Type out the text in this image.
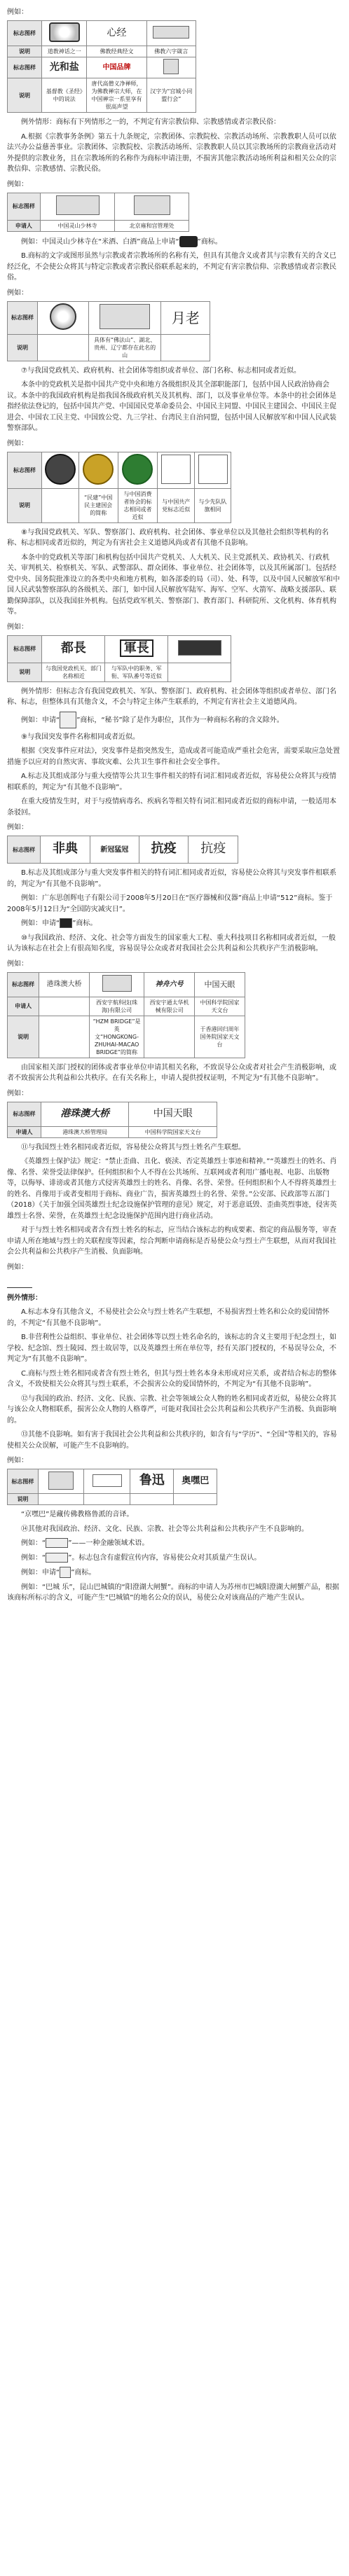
例如：
标志图样		心经	
说明	道教神话之一	佛教经典经文	佛教六字箴言
标志图样	光和盐	中国品牌	
说明	基督教《圣经》中的说法	唐代高僧义净禅师，为佛教禅宗大师，在中国禅宗一系里享有很高声望	汉字为“宫城小同盟行会”

例外情形：商标有下列情形之一的，不判定有害宗教信仰、宗教感情或者宗教民俗：

A.根据《宗教事务条例》第五十九条规定，宗教团体、宗教院校、宗教活动场所、宗教教职人员可以依法兴办公益慈善事业。宗教团体、宗教院校、宗教活动场所、宗教教职人员以其宗教场所的宗教商业活动对外提供的宗教业务，且在宗教场所的名称作为商标申请注册，不损害其他宗教活动场所利益和相关公众的宗教信仰、宗教感情、宗教民俗。

例如：
标志图样		
申请人	中国灵山少林寺	北京雍和宫管理处

例如：中国灵山少林寺在“米酒、白酒”商品上申请“	”商标。

B.商标的文字或图形虽然与宗教或者宗教场所的名称有关，但具有其他含义或者其与宗教有关的含义已经泛化，不会使公众将其与特定宗教或者宗教民俗联系起来的，不判定有害宗教信仰、宗教感情或者宗教民俗。

例如：
标志图样			月老
说明		具体有“佛法山”、湖北、贵州、辽宁都存在此名的山	

⑦与我国党政机关、政府机构、社会团体等组织或者单位、部门名称、标志相同或者近似。

本条中的党政机关是指中国共产党中央和地方各级组织及其全部职能部门，包括中国人民政治协商会议。本条中的我国政府机构是指我国各级政府机关及其机构、部门，以及事业单位等。本条中的社会团体是指经依法登记的，包括中国共产党、中国国民党革命委员会、中国民主同盟、中国民主建国会、中国民主促进会、中国农工民主党、中国致公党、九三学社、台湾民主自治同盟，包括中国人民解放军和中国人民武装警察部队。

例如：
标志图样					
说明		“民建”中国民主建国会的简称	与中国消费者协会的标志相同或者近似	与中国共产党标志近似	与少先队队旗相同

⑧与我国党政机关、军队、警察部门、政府机构、社会团体、事业单位以及其他社会组织等机构的名称、标志相同或者近似的，判定为有害社会主义道德风尚或者有其他不良影响。

本条中的党政机关等部门和机构包括中国共产党机关、人大机关、民主党派机关、政协机关、行政机关、审判机关、检察机关、军队、武警部队、群众团体、事业单位、社会团体等，以及其所属部门。包括经党中央、国务院批准设立的各类中央和地方机构，如各部委的局（司）、处、科等，以及中国人民解放军和中国人民武装警察部队的各级机关、部门，如中国人民解放军陆军、海军、空军、火箭军、战略支援部队、联勤保障部队，以及我国驻外机构。包括党政军机关、警察部门、教育部门、科研院所、文化机构、体育机构等。

例如：
标志图样	都長	軍長	
说明	与我国党政机关、部门名称相近	与军队中的职务、军衔、军队番号等近似	

例外情形：但标志含有我国党政机关、军队、警察部门、政府机构、社会团体等组织或者单位、部门名称、标志，但整体具有其他含义，不会与特定主体产生联系的，不判定有害社会主义道德风尚。

例如：申请“ ”商标，“秘书”除了是作为职位，其作为一种商标名称的含义除外。

⑨与我国突发事件名称相同或者近似。

根据《突发事件应对法》，突发事件是指突然发生，造成或者可能造成严重社会危害，需要采取应急处置措施予以应对的自然灾害、事故灾难、公共卫生事件和社会安全事件。

A.标志及其组成部分与重大疫情等公共卫生事件相关的特有词汇相同或者近似，容易使公众将其与疫情相联系的，判定为“有其他不良影响”。

在重大疫情发生时，对于与疫情病毒名、疾病名等相关特有词汇相同或者近似的商标申请，一般适用本条驳回。

例如：
标志图样	非典	新冠猛冠	抗疫	抗疫

B.标志及其组成部分与重大突发事件相关的特有词汇相同或者近似，容易使公众将其与突发事件相联系的，判定为“有其他不良影响”。

例如：广东思创辉电子有限公司于2008年5月20日在“医疗器械和仪器”商品上申请“512”商标。鉴于2008年5月12日为“全国防灾减灾日”。

例如：申请“ ”商标。

⑩与我国政治、经济、文化、社会等方面发生的国家重大工程、重大科技项目名称相同或者近似，一般认为该标志在社会上有很高知名度，容易误导公众或者对我国社会公共利益和公共秩序产生消极影响。

例如：
标志图样	港珠澳大桥		神舟六号	中国天眼
申请人		西安宇航科技(珠海)有限公司	西安宇通太华机械有限公司	中国科学院国家天文台
说明		“HZM BRIDGE”是英文“HONGKONG-ZHUHAI-MACAO BRIDGE”的简称		于香港回归周年国务院国家天文台

由国家相关部门授权的团体或者事业单位申请其相关名称，不致误导公众或者对社会产生消极影响，或者不致损害公共利益和公共秩序。在有关名称上，申请人提供授权证明，不判定为“有其他不良影响”。

例如：
标志图样	港珠澳大桥	中国天眼
申请人	港珠澳大桥管理局	中国科学院国家天文台

⑪与我国烈士姓名相同或者近似，容易使公众将其与烈士姓名产生联想。

《英雄烈士保护法》规定：“禁止歪曲、丑化、亵渎、否定英雄烈士事迹和精神。”“英雄烈士的姓名、肖像、名誉、荣誉受法律保护。任何组织和个人不得在公共场所、互联网或者利用广播电视、电影、出版物等，以侮辱、诽谤或者其他方式侵害英雄烈士的姓名、肖像、名誉、荣誉。任何组织和个人不得将英雄烈士的姓名、肖像用于或者变相用于商标、商业广告，损害英雄烈士的名誉、荣誉。”公安部、民政部等五部门（2018）《关于加强全国英雄烈士纪念设施保护管理的意见》规定，对于恶意诋毁、歪曲英烈事迹，侵害英雄烈士名誉、荣誉，在英雄烈士纪念设施保护范围内进行商业活动。

对于与烈士姓名相同或者含有烈士姓名的标志，应当结合该标志的构成要素、指定的商品服务等，审查申请人所在地域与烈士的关联程度等因素，综合判断申请商标是否易使公众与烈士产生联想，从而对我国社会公共利益和公共秩序产生消极、负面影响。

例如：

例外情形：

A.标志本身有其他含义，不易使社会公众与烈士姓名产生联想，不易损害烈士姓名和公众的爱国情怀的，不判定“有其他不良影响”。

B.非营利性公益组织、事业单位、社会团体等以烈士姓名命名的，该标志的含义主要用于纪念烈士，如学校、纪念馆、烈士陵园、烈士故居等，以及英雄烈士所在单位等，经有关部门授权的，不易误导公众，不判定为“有其他不良影响”。

C.商标与烈士姓名相同或者含有烈士姓名，但其与烈士姓名本身未形成对应关系，或者结合标志的整体含义，不致使相关公众将其与烈士联系，不会损害公众的爱国情怀的，不判定为“有其他不良影响”。

⑫与我国的政治、经济、文化、民族、宗教、社会等领域公众人物的姓名相同或者近似，易使公众将其与该公众人物相联系，损害公众人物的人格尊严，可能对我国社会公共利益和公共秩序产生消极、负面影响的。

⑬其他不良影响。如有害于我国社会公共利益和公共秩序的，如含有与“学历”、“全国”等相关的，容易使相关公众误解，可能产生不良影响的。

例如：
标志图样			鲁迅	奥嘿巴
说明				

“京嘿巴”是藏传佛教格鲁派的音译。

⑭其他对我国政治、经济、文化、民族、宗教、社会等公共利益和公共秩序产生不良影响的。

例如：“	”——一种金融领域术语。

例如：“	”。标志包含有虚假宣传内容，容易使公众对其质量产生误认。

例如：申请“ ”商标。

例如：“巴城 乐”，昆山巴城镇的“阳澄湖大闸蟹”。商标的申请人为苏州市巴城阳澄湖大闸蟹产品，根据该商标所标示的含义，可能产生“巴城镇”的地名公众的误认，易使公众对该商品的产地产生误认。
